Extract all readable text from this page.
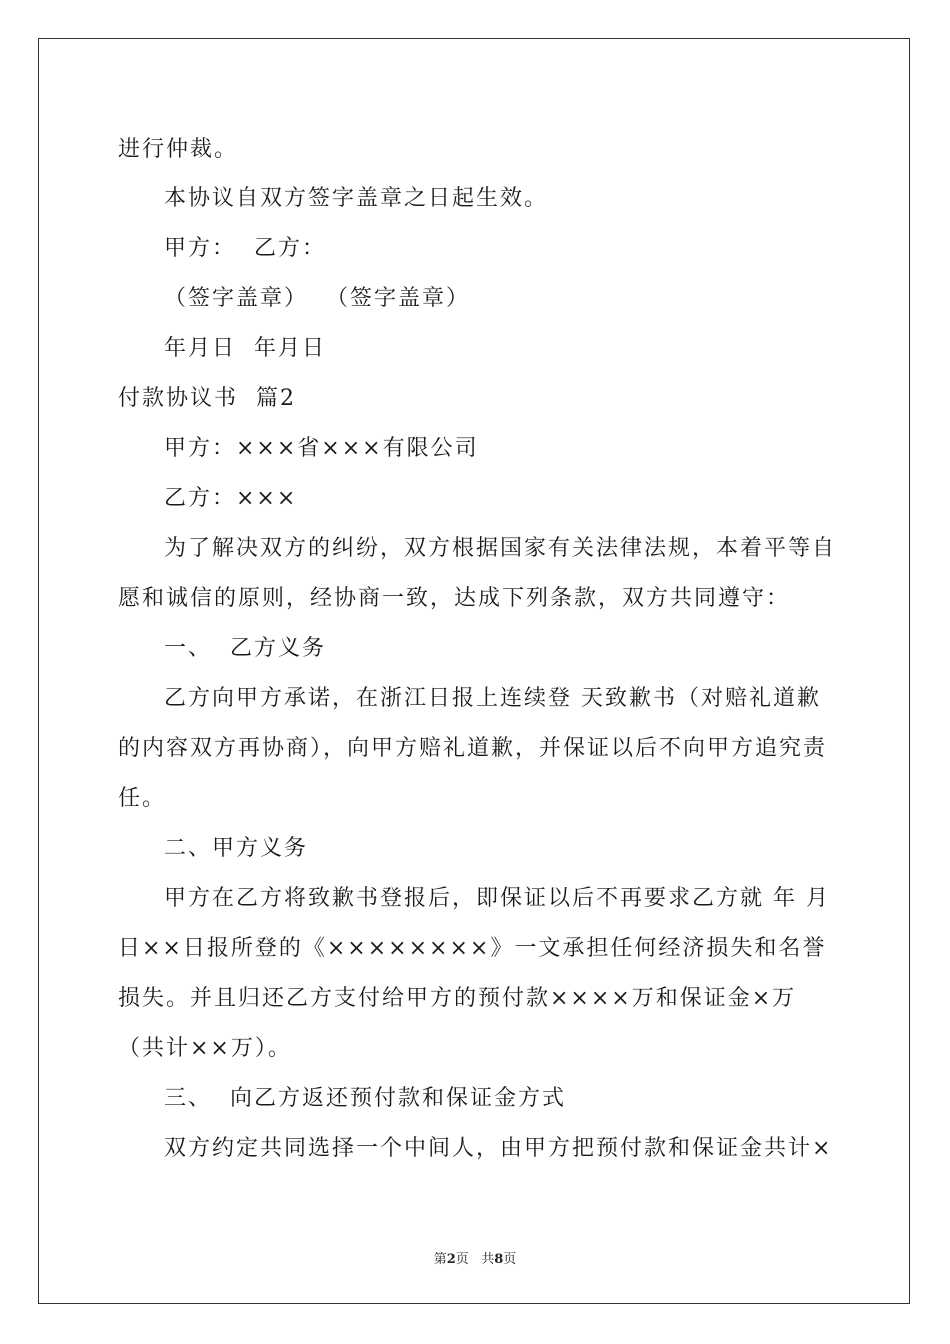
进行仲裁。
本协议自双方签字盖章之日起生效。
甲方：  乙方：
（签字盖章）  （签字盖章）
年月日  年月日
付款协议书  篇2
甲方：×××省×××有限公司
乙方：×××
为了解决双方的纠纷，双方根据国家有关法律法规，本着平等自
愿和诚信的原则，经协商一致，达成下列条款，双方共同遵守：
一、  乙方义务
乙方向甲方承诺，在浙江日报上连续登 天致歉书（对赔礼道歉
的内容双方再协商），向甲方赔礼道歉，并保证以后不向甲方追究责
任。
二、甲方义务
甲方在乙方将致歉书登报后，即保证以后不再要求乙方就 年 月
日××日报所登的《××××××××》一文承担任何经济损失和名誉
损失。并且归还乙方支付给甲方的预付款××××万和保证金×万
（共计××万）。
三、  向乙方返还预付款和保证金方式
双方约定共同选择一个中间人，由甲方把预付款和保证金共计×
第2页 共8页
